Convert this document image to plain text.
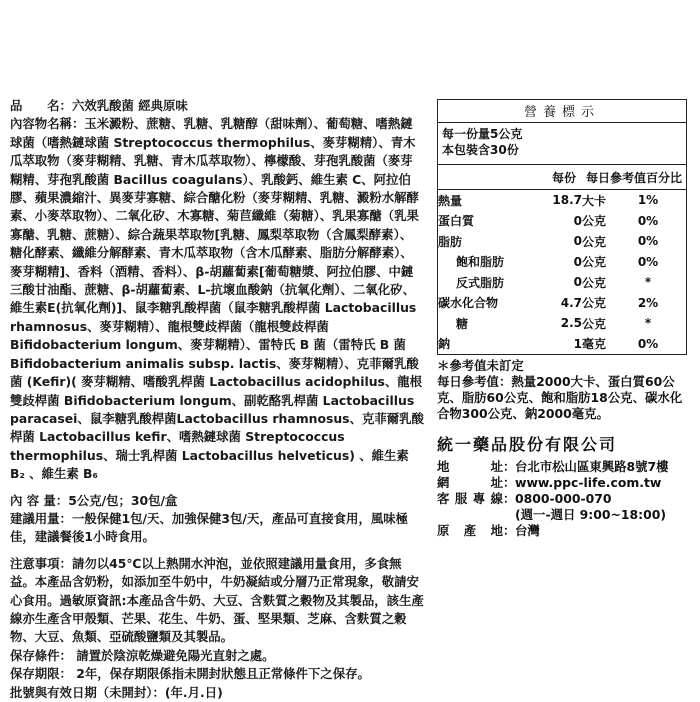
品　　名：六效乳酸菌 經典原味

內容物名稱：玉米澱粉、蔗糖、乳糖、乳糖醇（甜味劑）、葡萄糖、嗜熱鏈球菌（嗜熱鏈球菌 Streptococcus thermophilus、麥芽糊精）、青木瓜萃取物（麥芽糊精、乳糖、青木瓜萃取物）、檸檬酸、芽孢乳酸菌（麥芽糊精、芽孢乳酸菌 Bacillus coagulans）、乳酸鈣、維生素 C、阿拉伯膠、蘋果濃縮汁、異麥芽寡糖、綜合醣化粉（麥芽糊精、乳糖、澱粉水解酵素、小麥萃取物）、二氧化矽、木寡糖、菊苣纖維（菊糖）、乳果寡醣（乳果寡醣、乳糖、蔗糖）、綜合蔬果萃取物[乳糖、鳳梨萃取物（含鳳梨酵素）、糖化酵素、纖維分解酵素、青木瓜萃取物（含木瓜酵素、脂肪分解酵素）、麥芽糊精]、香料（酒精、香料）、β-胡蘿蔔素[葡萄糖漿、阿拉伯膠、中鏈三酸甘油酯、蔗糖、β-胡蘿蔔素、L-抗壞血酸鈉（抗氧化劑）、二氧化矽、維生素E(抗氧化劑)]、鼠李糖乳酸桿菌（鼠李糖乳酸桿菌 Lactobacillus rhamnosus、麥芽糊精）、龍根雙歧桿菌（龍根雙歧桿菌 Bifidobacterium longum、麥芽糊精）、雷特氏 B 菌（雷特氏 B 菌 Bifidobacterium animalis subsp. lactis、麥芽糊精）、克菲爾乳酸菌 (Kefir)( 麥芽糊精、嗜酸乳桿菌 Lactobacillus acidophilus、龍根雙歧桿菌 Bifidobacterium longum、副乾酪乳桿菌 Lactobacillus paracasei、鼠李糖乳酸桿菌Lactobacillus rhamnosus、克菲爾乳酸桿菌 Lactobacillus kefir、嗜熱鏈球菌 Streptococcus thermophilus、瑞士乳桿菌 Lactobacillus helveticus) 、維生素 B₂ 、維生素 B₆

內 容 量：5公克/包；30包/盒

建議用量：一般保健1包/天、加強保健3包/天，產品可直接食用，風味極佳，建議餐後1小時食用。

注意事項：請勿以45℃以上熱開水沖泡，並依照建議用量食用，多食無益。本產品含奶粉，如添加至牛奶中，牛奶凝結或分層乃正常現象，敬請安心食用。過敏原資訊:本產品含牛奶、大豆、含麩質之穀物及其製品，該生產線亦生產含甲殼類、芒果、花生、牛奶、蛋、堅果類、芝麻、含麩質之穀物、大豆、魚類、亞硫酸鹽類及其製品。

保存條件： 請置於陰涼乾燥避免陽光直射之處。

保存期限： 2年，保存期限係指未開封狀態且正常條件下之保存。

批號與有效日期（未開封）：(年.月.日)

營養標示
每一份量5公克
本包裝含30份
每份 每日參考值百分比
熱量	18.7	大卡	1%
蛋白質	0	公克	0%
脂肪	0	公克	0%
飽和脂肪	0	公克	0%
反式脂肪	0	公克	*
碳水化合物	4.7	公克	2%
糖	2.5	公克	*
鈉	1	毫克	0%
＊參考值未訂定
每日參考值：熱量2000大卡、蛋白質60公克、脂肪60公克、飽和脂肪18公克、碳水化合物300公克、鈉2000毫克。
統一藥品股份有限公司
地　　址 ： 台北市松山區東興路8號7樓
網　　址 ： www.ppc-life.com.tw
客服專線 ： 0800-000-070
(週一-週日 9:00~18:00)
原 產 地 ： 台灣
